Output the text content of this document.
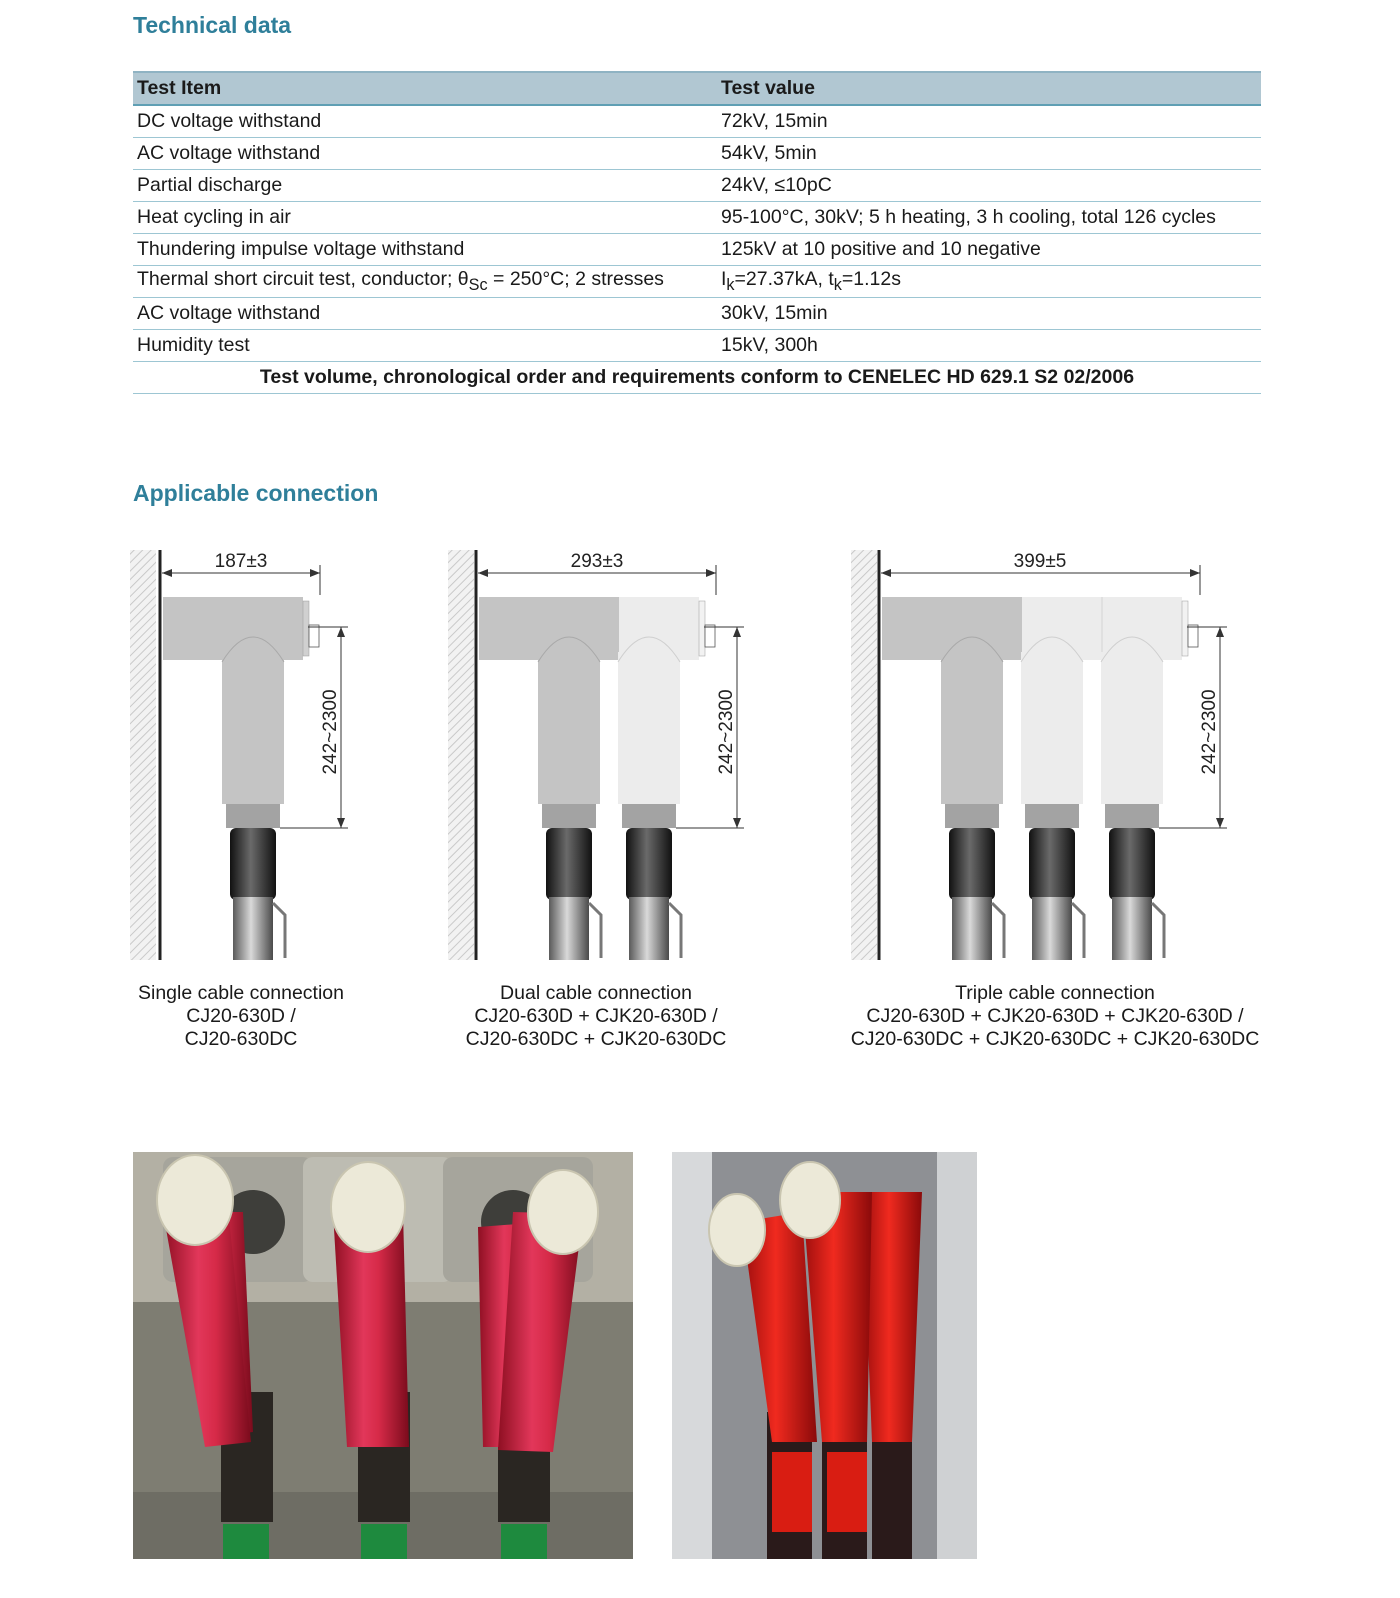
Technical data
Test Item	Test value
DC voltage withstand	72kV, 15min
AC voltage withstand	54kV, 5min
Partial discharge	24kV, ≤10pC
Heat cycling in air	95-100°C, 30kV; 5 h heating, 3 h cooling, total 126 cycles
Thundering impulse voltage withstand	125kV at 10 positive and 10 negative
Thermal short circuit test, conductor; $\theta_{Sc} = 250^\circ C$; 2 stresses	$I_k=27.37kA$, $t_k=1.12s$
AC voltage withstand	30kV, 15min
Humidity test	15kV, 300h
Test volume, chronological order and requirements conform to CENELEC HD 629.1 S2 02/2006	
Applicable connection
187±3
242~2300
293±3
242~2300
399±5
242~2300
Single cable connection
CJ20-630D /
CJ20-630DC
Dual cable connection
CJ20-630D + CJK20-630D /
CJ20-630DC + CJK20-630DC
Triple cable connection
CJ20-630D + CJK20-630D + CJK20-630D /
CJ20-630DC + CJK20-630DC + CJK20-630DC
